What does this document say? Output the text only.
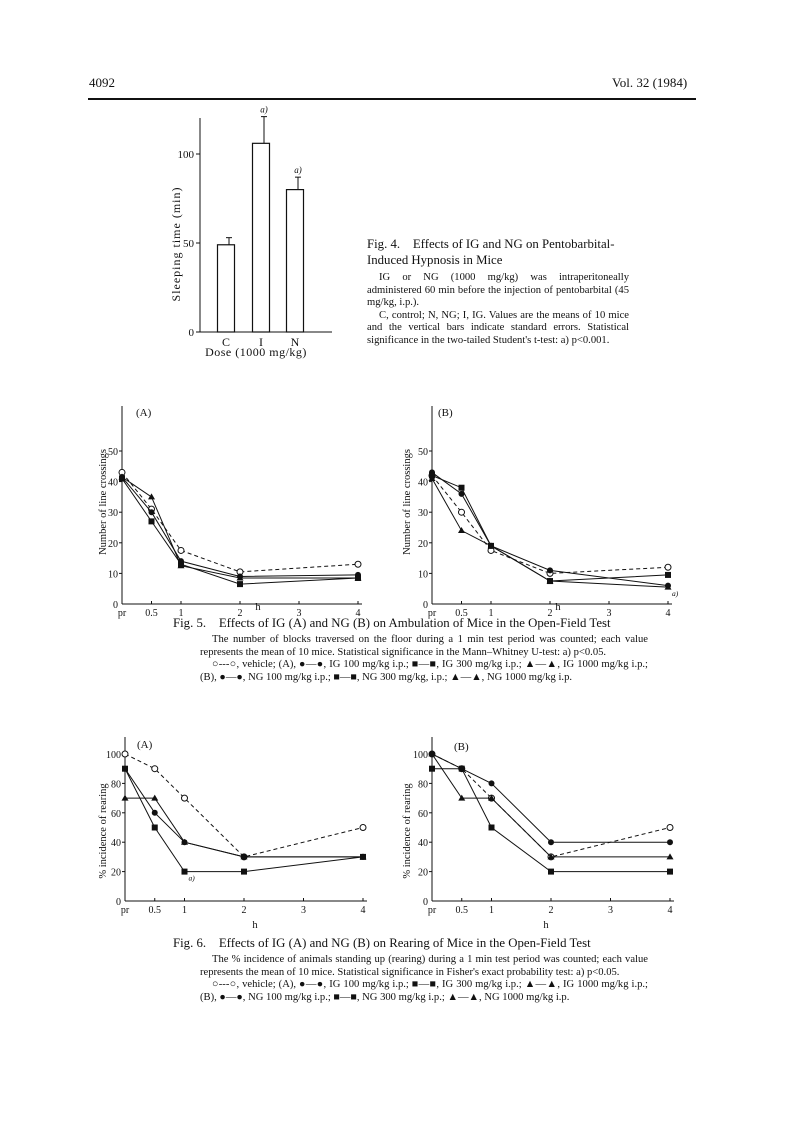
4092	Vol. 32 (1984)
Sleeping time (min)
Dose (1000 mg/kg)
0
50
100
C
a)
I
a)
N
Fig. 4. Effects of IG and NG on Pentobarbital-Induced Hypnosis in Mice

IG or NG (1000 mg/kg) was intraperitoneally administered 60 min before the injection of pentobarbital (45 mg/kg, i.p.).

C, control; N, NG; I, IG. Values are the means of 10 mice and the vertical bars indicate standard errors. Statistical significance in the two-tailed Student's t-test: a) p<0.001.

Number of line crossings
h
(A)
10
20
30
40
50
0
pr 0.5 1	2	3	4
Number of line crossings
h
(B)
10
20
30
40
50
0
pr 0.5 1	2	3	4
a)
Fig. 5. Effects of IG (A) and NG (B) on Ambulation of Mice in the Open-Field Test

The number of blocks traversed on the floor during a 1 min test period was counted; each value represents the mean of 10 mice. Statistical significance in the Mann–Whitney U-test: a) p<0.05.

○---○, vehicle; (A), ●—●, IG 100 mg/kg i.p.; ■—■, IG 300 mg/kg i.p.; ▲—▲, IG 1000 mg/kg i.p.; (B), ●—●, NG 100 mg/kg i.p.; ■—■, NG 300 mg/kg, i.p.; ▲—▲, NG 1000 mg/kg i.p.

% incidence of rearing
h
(A)
20
40
60
80
100
0
pr 0.5 1	2	3	4
a)	% incidence of rearing
h
(B)
20
40
60
80
100
0
pr 0.5 1	2	3	4
Fig. 6. Effects of IG (A) and NG (B) on Rearing of Mice in the Open-Field Test

The % incidence of animals standing up (rearing) during a 1 min test period was counted; each value represents the mean of 10 mice. Statistical significance in Fisher's exact probability test: a) p<0.05.

○---○, vehicle; (A), ●—●, IG 100 mg/kg i.p.; ■—■, IG 300 mg/kg i.p.; ▲—▲, IG 1000 mg/kg i.p.; (B), ●—●, NG 100 mg/kg i.p.; ■—■, NG 300 mg/kg i.p.; ▲—▲, NG 1000 mg/kg i.p.
